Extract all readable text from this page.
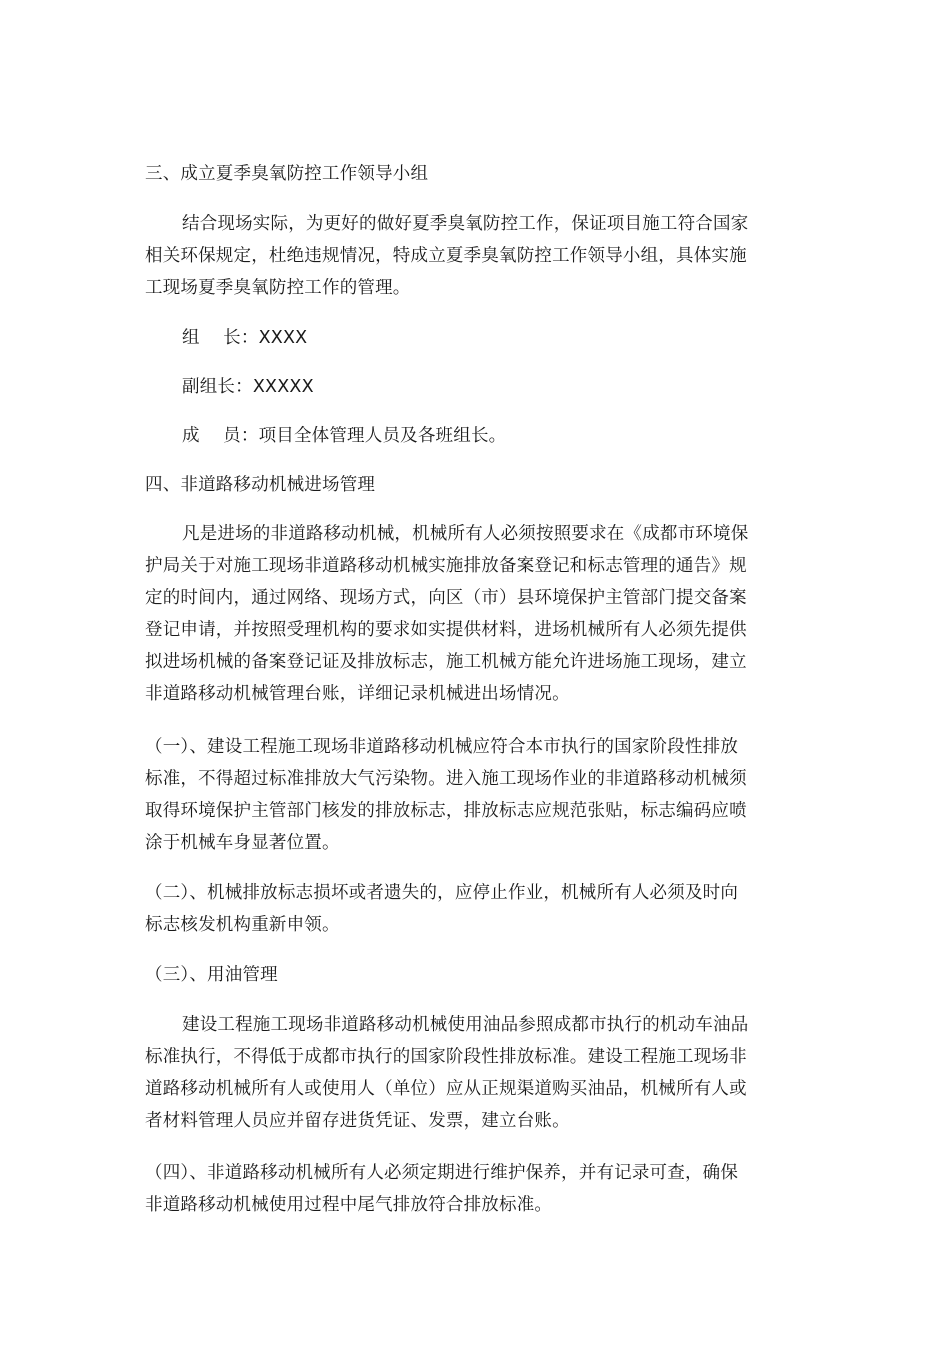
三、成立夏季臭氧防控工作领导小组
结合现场实际，为更好的做好夏季臭氧防控工作，保证项目施工符合国家
相关环保规定，杜绝违规情况，特成立夏季臭氧防控工作领导小组，具体实施
工现场夏季臭氧防控工作的管理。
组　 长：XXXX
副组长：XXXXX
成　 员：项目全体管理人员及各班组长。
四、非道路移动机械进场管理
凡是进场的非道路移动机械，机械所有人必须按照要求在《成都市环境保
护局关于对施工现场非道路移动机械实施排放备案登记和标志管理的通告》规
定的时间内，通过网络、现场方式，向区（市）县环境保护主管部门提交备案
登记申请，并按照受理机构的要求如实提供材料，进场机械所有人必须先提供
拟进场机械的备案登记证及排放标志，施工机械方能允许进场施工现场，建立
非道路移动机械管理台账，详细记录机械进出场情况。
（一）、建设工程施工现场非道路移动机械应符合本市执行的国家阶段性排放
标准，不得超过标准排放大气污染物。进入施工现场作业的非道路移动机械须
取得环境保护主管部门核发的排放标志，排放标志应规范张贴，标志编码应喷
涂于机械车身显著位置。
（二）、机械排放标志损坏或者遗失的，应停止作业，机械所有人必须及时向
标志核发机构重新申领。
（三）、用油管理
建设工程施工现场非道路移动机械使用油品参照成都市执行的机动车油品
标准执行，不得低于成都市执行的国家阶段性排放标准。建设工程施工现场非
道路移动机械所有人或使用人（单位）应从正规渠道购买油品，机械所有人或
者材料管理人员应并留存进货凭证、发票，建立台账。
（四）、非道路移动机械所有人必须定期进行维护保养，并有记录可查，确保
非道路移动机械使用过程中尾气排放符合排放标准。
